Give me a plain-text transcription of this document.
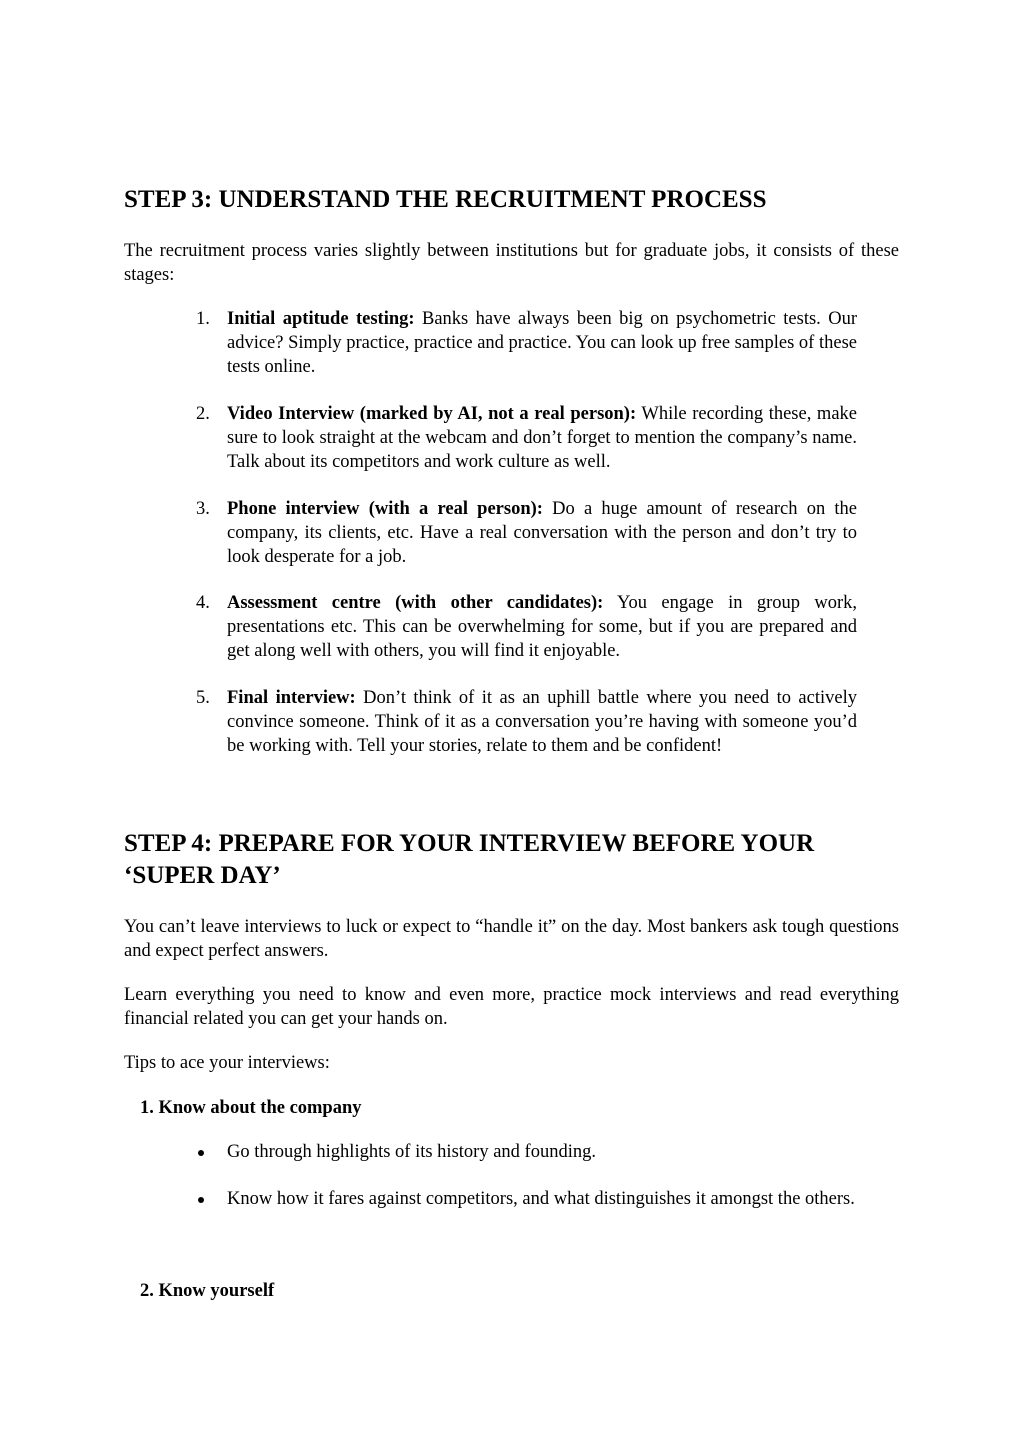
STEP 3: UNDERSTAND THE RECRUITMENT PROCESS

The recruitment process varies slightly between institutions but for graduate jobs, it consists of these stages:

1. Initial aptitude testing: Banks have always been big on psychometric tests. Our advice? Simply practice, practice and practice. You can look up free samples of these tests online.
2. Video Interview (marked by AI, not a real person): While recording these, make sure to look straight at the webcam and don’t forget to mention the company’s name. Talk about its competitors and work culture as well.
3. Phone interview (with a real person): Do a huge amount of research on the company, its clients, etc. Have a real conversation with the person and don’t try to look desperate for a job.
4. Assessment centre (with other candidates): You engage in group work, presentations etc. This can be overwhelming for some, but if you are prepared and get along well with others, you will find it enjoyable.
5. Final interview: Don’t think of it as an uphill battle where you need to actively convince someone. Think of it as a conversation you’re having with someone you’d be working with. Tell your stories, relate to them and be confident!
STEP 4: PREPARE FOR YOUR INTERVIEW BEFORE YOUR ‘SUPER DAY’

You can’t leave interviews to luck or expect to “handle it” on the day. Most bankers ask tough questions and expect perfect answers.

Learn everything you need to know and even more, practice mock interviews and read everything financial related you can get your hands on.

Tips to ace your interviews:

1. Know about the company
Go through highlights of its history and founding.
Know how it fares against competitors, and what distinguishes it amongst the others.
2. Know yourself
